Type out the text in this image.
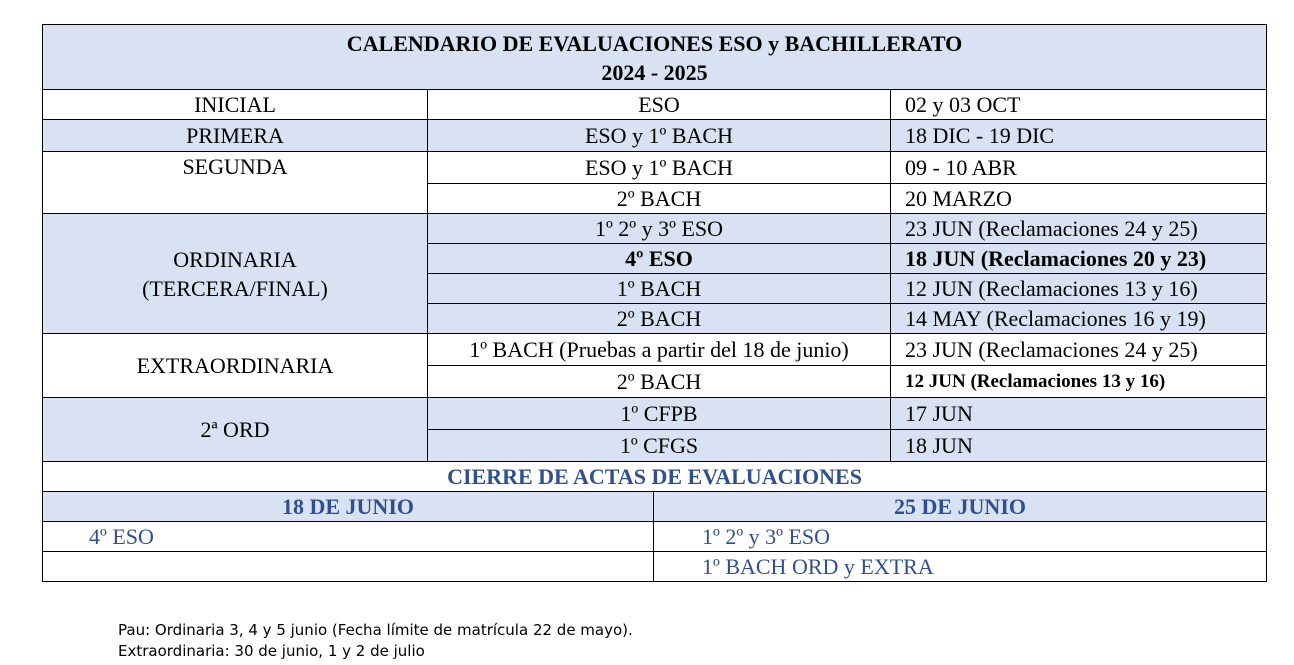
CALENDARIO DE EVALUACIONES ESO y BACHILLERATO
2024 - 2025		

INICIAL	ESO	02 y 03 OCT
PRIMERA	ESO y 1º BACH	18 DIC - 19 DIC
SEGUNDA	ESO y 1º BACH	09 - 10 ABR
	2º BACH	20 MARZO

ORDINARIA
(TERCERA/FINAL)	1º 2º y 3º ESO	23 JUN (Reclamaciones 24 y 25)
	4º ESO	18 JUN (Reclamaciones 20 y 23)
	1º BACH	12 JUN (Reclamaciones 13 y 16)
	2º BACH	14 MAY (Reclamaciones 16 y 19)
EXTRAORDINARIA	1º BACH (Pruebas a partir del 18 de junio)	23 JUN (Reclamaciones 24 y 25)
	2º BACH	12 JUN (Reclamaciones 13 y 16)
2ª ORD	1º CFPB	17 JUN
	1º CFGS	18 JUN
CIERRE DE ACTAS DE EVALUACIONES		
18 DE JUNIO	25 DE JUNIO
4º ESO	1º 2º y 3º ESO
	1º BACH ORD y EXTRA
Pau: Ordinaria 3, 4 y 5 junio (Fecha límite de matrícula 22 de mayo).
Extraordinaria: 30 de junio, 1 y 2 de julio
